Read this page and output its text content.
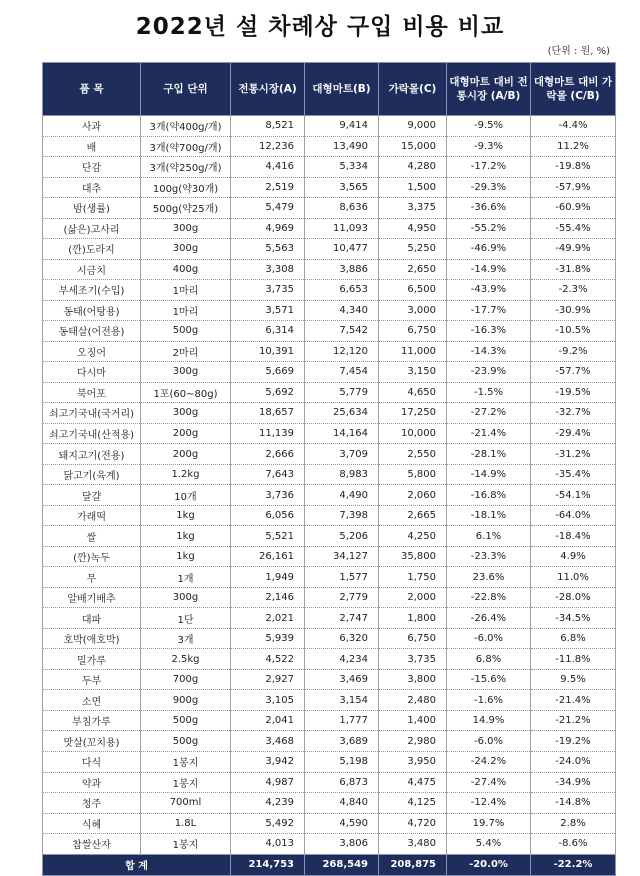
2022년 설 차례상 구입 비용 비교
(단위 : 원, %)
품 목	구입 단위	전통시장(A)	대형마트(B)	가락몰(C)	대형마트 대비 전통시장 (A/B)	대형마트 대비 가락몰 (C/B)
사과	3개(약400g/개)	8,521	9,414	9,000	-9.5%	-4.4%
배	3개(약700g/개)	12,236	13,490	15,000	-9.3%	11.2%
단감	3개(약250g/개)	4,416	5,334	4,280	-17.2%	-19.8%
대추	100g(약30개)	2,519	3,565	1,500	-29.3%	-57.9%
밤(생률)	500g(약25개)	5,479	8,636	3,375	-36.6%	-60.9%
(삶은)고사리	300g	4,969	11,093	4,950	-55.2%	-55.4%
(깐)도라지	300g	5,563	10,477	5,250	-46.9%	-49.9%
시금치	400g	3,308	3,886	2,650	-14.9%	-31.8%
부세조기(수입)	1마리	3,735	6,653	6,500	-43.9%	-2.3%
동태(어탕용)	1마리	3,571	4,340	3,000	-17.7%	-30.9%
동태살(어전용)	500g	6,314	7,542	6,750	-16.3%	-10.5%
오징어	2마리	10,391	12,120	11,000	-14.3%	-9.2%
다시마	300g	5,669	7,454	3,150	-23.9%	-57.7%
북어포	1포(60~80g)	5,692	5,779	4,650	-1.5%	-19.5%
쇠고기국내(국거리)	300g	18,657	25,634	17,250	-27.2%	-32.7%
쇠고기국내(산적용)	200g	11,139	14,164	10,000	-21.4%	-29.4%
돼지고기(전용)	200g	2,666	3,709	2,550	-28.1%	-31.2%
닭고기(육계)	1.2kg	7,643	8,983	5,800	-14.9%	-35.4%
달걀	10개	3,736	4,490	2,060	-16.8%	-54.1%
가래떡	1kg	6,056	7,398	2,665	-18.1%	-64.0%
쌀	1kg	5,521	5,206	4,250	6.1%	-18.4%
(깐)녹두	1kg	26,161	34,127	35,800	-23.3%	4.9%
무	1개	1,949	1,577	1,750	23.6%	11.0%
알배기배추	300g	2,146	2,779	2,000	-22.8%	-28.0%
대파	1단	2,021	2,747	1,800	-26.4%	-34.5%
호박(애호박)	3개	5,939	6,320	6,750	-6.0%	6.8%
밀가루	2.5kg	4,522	4,234	3,735	6.8%	-11.8%
두부	700g	2,927	3,469	3,800	-15.6%	9.5%
소면	900g	3,105	3,154	2,480	-1.6%	-21.4%
부침가루	500g	2,041	1,777	1,400	14.9%	-21.2%
맛살(꼬치용)	500g	3,468	3,689	2,980	-6.0%	-19.2%
다식	1봉지	3,942	5,198	3,950	-24.2%	-24.0%
약과	1봉지	4,987	6,873	4,475	-27.4%	-34.9%
청주	700ml	4,239	4,840	4,125	-12.4%	-14.8%
식혜	1.8L	5,492	4,590	4,720	19.7%	2.8%
찹쌀산자	1봉지	4,013	3,806	3,480	5.4%	-8.6%
합 계		214,753	268,549	208,875	-20.0%	-22.2%
